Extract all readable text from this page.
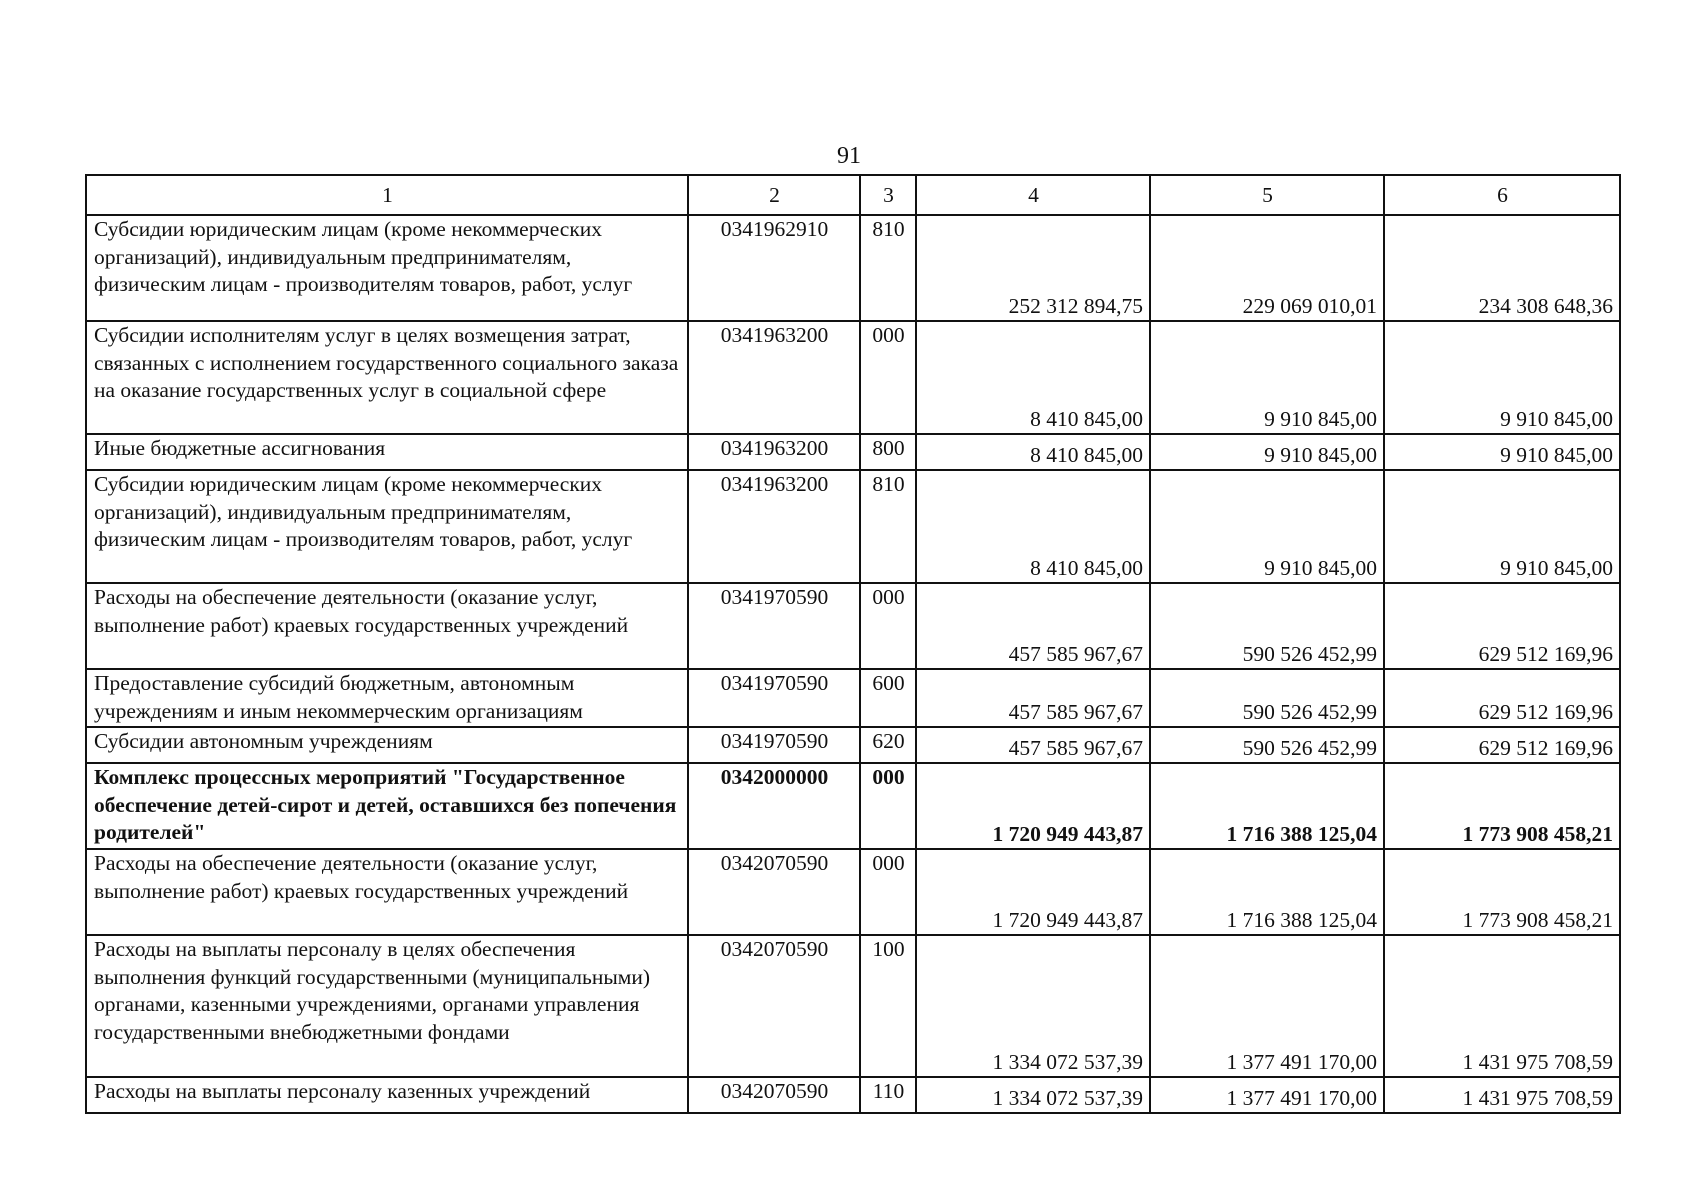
91
1	2	3	4	5	6
Субсидии юридическим лицам (кроме некоммерческих организаций), индивидуальным предпринимателям, физическим лицам - производителям товаров, работ, услуг	0341962910	810	252 312 894,75	229 069 010,01	234 308 648,36
Субсидии исполнителям услуг в целях возмещения затрат, связанных с исполнением государственного социального заказа на оказание государственных услуг в социальной сфере	0341963200	000	8 410 845,00	9 910 845,00	9 910 845,00
Иные бюджетные ассигнования	0341963200	800	8 410 845,00	9 910 845,00	9 910 845,00
Субсидии юридическим лицам (кроме некоммерческих организаций), индивидуальным предпринимателям, физическим лицам - производителям товаров, работ, услуг	0341963200	810	8 410 845,00	9 910 845,00	9 910 845,00
Расходы на обеспечение деятельности (оказание услуг, выполнение работ) краевых государственных учреждений	0341970590	000	457 585 967,67	590 526 452,99	629 512 169,96
Предоставление субсидий бюджетным, автономным учреждениям и иным некоммерческим организациям	0341970590	600	457 585 967,67	590 526 452,99	629 512 169,96
Субсидии автономным учреждениям	0341970590	620	457 585 967,67	590 526 452,99	629 512 169,96
Комплекс процессных мероприятий "Государственное обеспечение детей-сирот и детей, оставшихся без попечения родителей"	0342000000	000	1 720 949 443,87	1 716 388 125,04	1 773 908 458,21
Расходы на обеспечение деятельности (оказание услуг, выполнение работ) краевых государственных учреждений	0342070590	000	1 720 949 443,87	1 716 388 125,04	1 773 908 458,21
Расходы на выплаты персоналу в целях обеспечения выполнения функций государственными (муниципальными) органами, казенными учреждениями, органами управления государственными внебюджетными фондами	0342070590	100	1 334 072 537,39	1 377 491 170,00	1 431 975 708,59
Расходы на выплаты персоналу казенных учреждений	0342070590	110	1 334 072 537,39	1 377 491 170,00	1 431 975 708,59
